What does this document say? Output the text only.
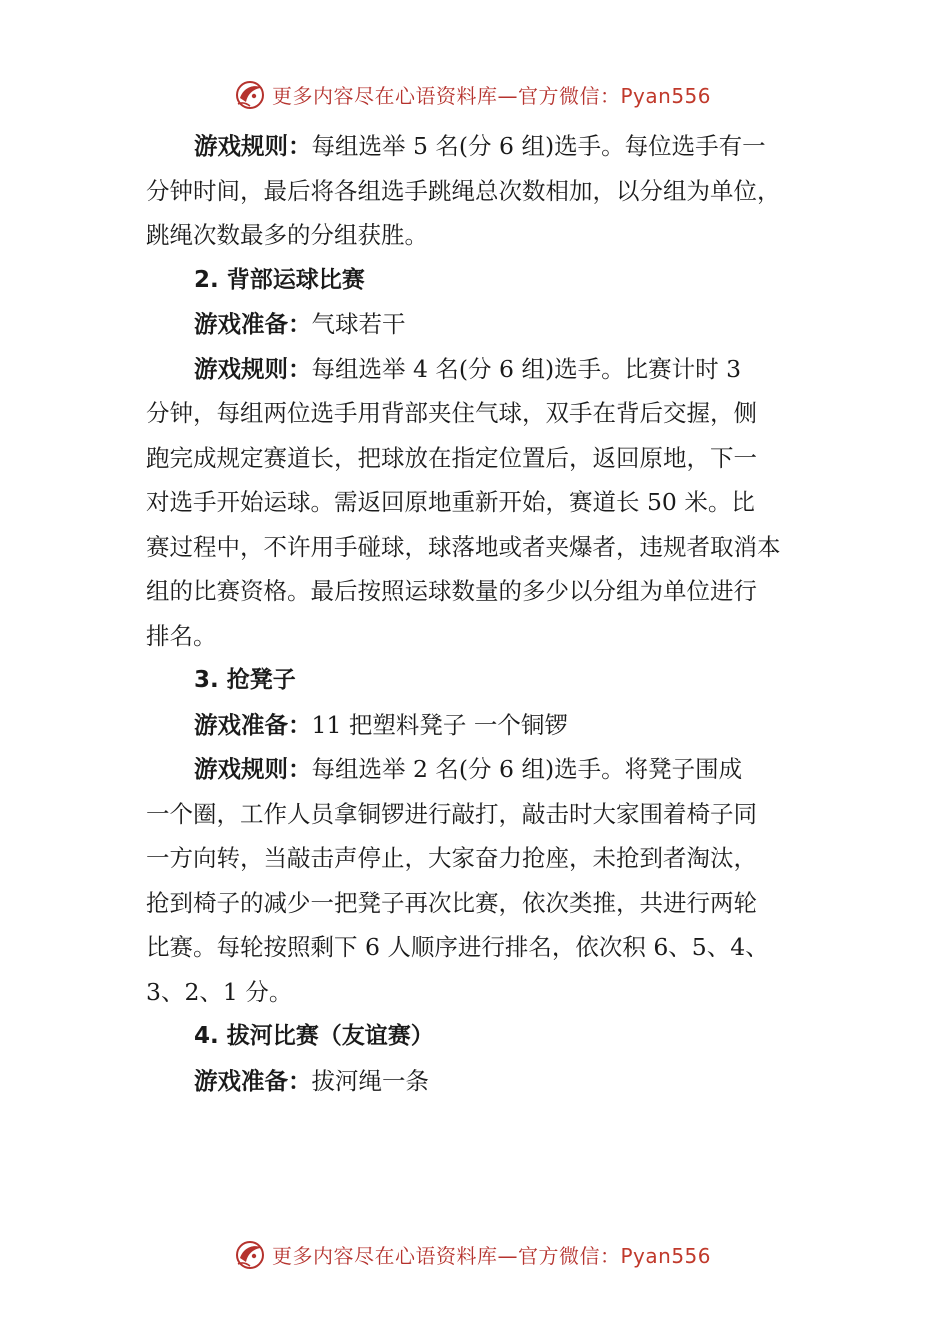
更多内容尽在心语资料库—官方微信：Pyan556

游戏规则：每组选举 5 名(分 6 组)选手。每位选手有一

分钟时间，最后将各组选手跳绳总次数相加，以分组为单位，

跳绳次数最多的分组获胜。

2. 背部运球比赛

游戏准备：气球若干

游戏规则：每组选举 4 名(分 6 组)选手。比赛计时 3

分钟，每组两位选手用背部夹住气球，双手在背后交握，侧

跑完成规定赛道长，把球放在指定位置后，返回原地，下一

对选手开始运球。需返回原地重新开始，赛道长 50 米。比

赛过程中，不许用手碰球，球落地或者夹爆者，违规者取消本

组的比赛资格。最后按照运球数量的多少以分组为单位进行

排名。

3. 抢凳子

游戏准备：11 把塑料凳子 一个铜锣

游戏规则：每组选举 2 名(分 6 组)选手。将凳子围成

一个圈，工作人员拿铜锣进行敲打，敲击时大家围着椅子同

一方向转，当敲击声停止，大家奋力抢座，未抢到者淘汰，

抢到椅子的减少一把凳子再次比赛，依次类推，共进行两轮

比赛。每轮按照剩下 6 人顺序进行排名，依次积 6、5、4、

3、2、1 分。

4. 拔河比赛（友谊赛）

游戏准备：拔河绳一条

更多内容尽在心语资料库—官方微信：Pyan556
